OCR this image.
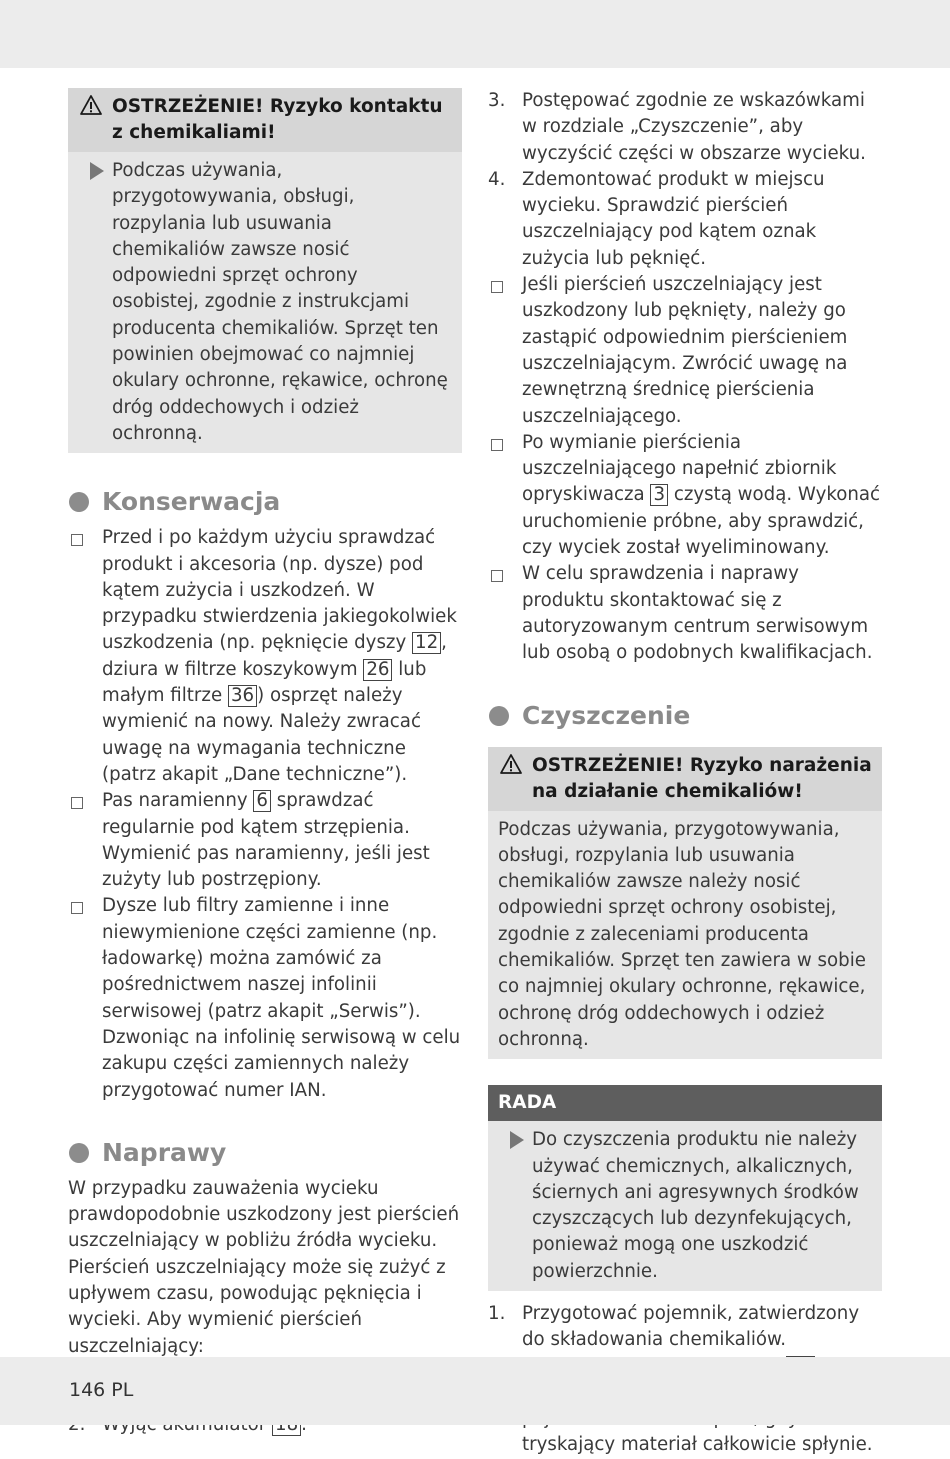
OSTRZEŻENIE! Ryzyko kontaktu z chemikaliami!
Podczas używania, przygotowywania, obsługi, rozpylania lub usuwania chemikaliów zawsze nosić odpowiedni sprzęt ochrony osobistej, zgodnie z instrukcjami producenta chemikaliów. Sprzęt ten powinien obejmować co najmniej okulary ochronne, rękawice, ochronę dróg oddechowych i odzież ochronną.
Konserwacja
Przed i po każdym użyciu sprawdzać produkt i akcesoria (np. dysze) pod kątem zużycia i uszkodzeń. W przypadku stwierdzenia jakiegokolwiek uszkodzenia (np. pęknięcie dyszy 12 , dziura w filtrze koszykowym 26 lub małym filtrze 36 ) osprzęt należy wymienić na nowy. Należy zwracać uwagę na wymagania techniczne (patrz akapit „Dane techniczne”).
Pas naramienny 6 sprawdzać regularnie pod kątem strzępienia. Wymienić pas naramienny, jeśli jest zużyty lub postrzępiony.
Dysze lub filtry zamienne i inne niewymienione części zamienne (np. ładowarkę) można zamówić za pośrednictwem naszej infolinii serwisowej (patrz akapit „Serwis”). Dzwoniąc na infolinię serwisową w celu zakupu części zamiennych należy przygotować numer IAN.
Naprawy
W przypadku zauważenia wycieku prawdopodobnie uszkodzony jest pierścień uszczelniający w pobliżu źródła wycieku. Pierścień uszczelniający może się zużyć z upływem czasu, powodując pęknięcia i wycieki. Aby wymienić pierścień uszczelniający:
3. Postępować zgodnie ze wskazówkami w rozdziale „Czyszczenie”, aby wyczyścić części w obszarze wycieku.
4. Zdemontować produkt w miejscu wycieku. Sprawdzić pierścień uszczelniający pod kątem oznak zużycia lub pęknięć.
Jeśli pierścień uszczelniający jest uszkodzony lub pęknięty, należy go zastąpić odpowiednim pierścieniem uszczelniającym. Zwrócić uwagę na zewnętrzną średnicę pierścienia uszczelniającego.
Po wymianie pierścienia uszczelniającego napełnić zbiornik opryskiwacza 3 czystą wodą. Wykonać uruchomienie próbne, aby sprawdzić, czy wyciek został wyeliminowany.
W celu sprawdzenia i naprawy produktu skontaktować się z autoryzowanym centrum serwisowym lub osobą o podobnych kwalifikacjach.
Czyszczenie
OSTRZEŻENIE! Ryzyko narażenia na działanie chemikaliów!
Podczas używania, przygotowywania, obsługi, rozpylania lub usuwania chemikaliów zawsze należy nosić odpowiedni sprzęt ochrony osobistej, zgodnie z zaleceniami producenta chemikaliów. Sprzęt ten zawiera w sobie co najmniej okulary ochronne, rękawice, ochronę dróg oddechowych i odzież ochronną.
RADA
Do czyszczenia produktu nie należy używać chemicznych, alkalicznych, ściernych ani agresywnych środków czyszczących lub dezynfekujących, ponieważ mogą one uszkodzić powierzchnie.
1. Przygotować pojemnik, zatwierdzony do składowania chemikaliów.  tryskający materiał całkowicie spłynie.
146 PL
